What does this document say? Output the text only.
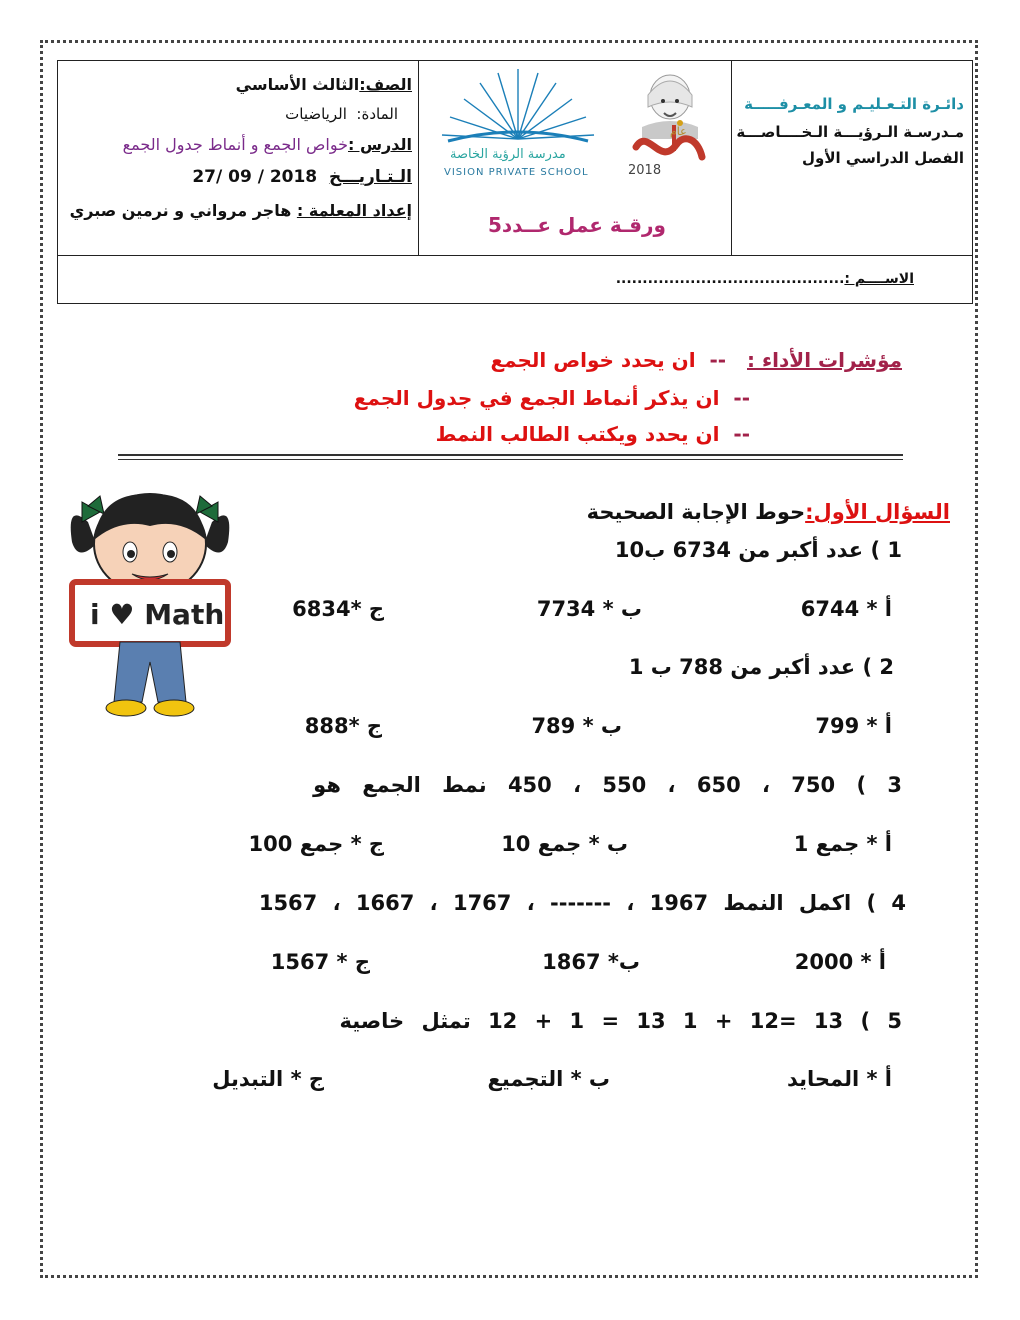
دائـرة التـعـليـم و المعـرفـــــة
مـدرسـة الـرؤيـــة الـخــــاصـــة
الفصل الدراسي الأول
عام
2018
مدرسة الرؤية الخاصة
VISION PRIVATE SCHOOL
ورقـة عمل عــدد5
الصف:الثالث الأساسي
المادة:  الرياضيات
الدرس :خواص الجمع و أنماط جدول الجمع
الـتـاريـــخ  27/ 09 / 2018
إعداد المعلمة : هاجر مرواني و نرمين صبري
الاســــم :...........................................
مؤشرات الأداء :   --  ان يحدد خواص الجمع
--  ان يذكر أنماط الجمع في جدول الجمع
--  ان يحدد ويكتب الطالب النمط
i ♥ Math
السؤال الأول:حوط الإجابة الصحيحة
1 ) عدد أكبر من 6734 ب10
أ * 6744
ب * 7734
ج *6834
2 ) عدد أكبر من 788 ب 1
أ * 799
ب * 789
ج *888
3 ) 750 ، 650 ، 550 ، 450 نمط الجمع هو
أ * جمع 1
ب * جمع 10
ج * جمع 100
4 ) اكمل النمط 1967 ، ------- ، 1767 ، 1667 ، 1567
أ * 2000
ب* 1867
ج * 1567
5 ) 13 =12 + 1 13 = 1 + 12 تمثل خاصية
أ * المحايد
ب * التجميع
ج * التبديل
